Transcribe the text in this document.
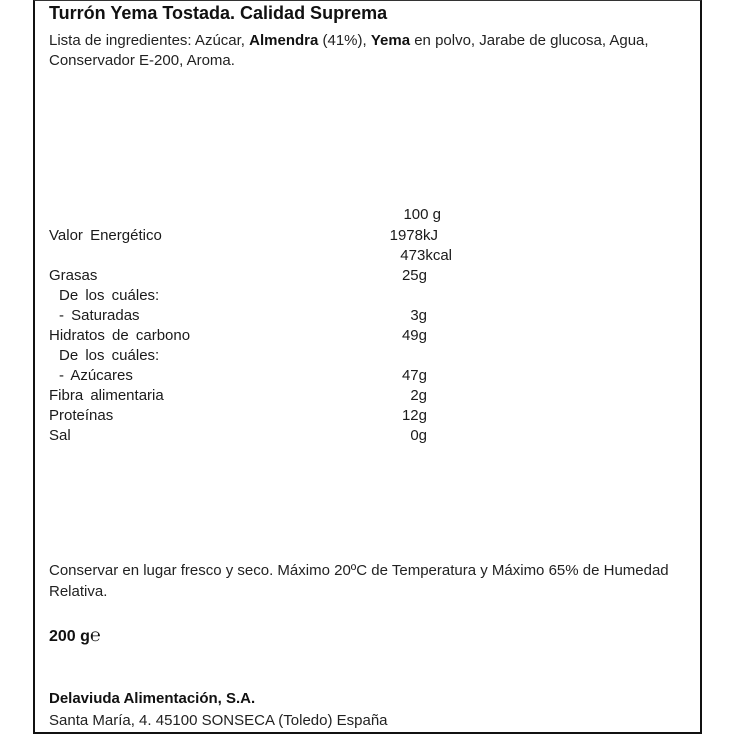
Turrón Yema Tostada. Calidad Suprema
Lista de ingredientes: Azúcar, Almendra (41%), Yema en polvo, Jarabe de glucosa, Agua, Conservador E-200, Aroma.
100 g
Valor Energético	1978kJ
473kcal
Grasas	25g
De los cuáles:
- Saturadas	3g
Hidratos de carbono	49g
De los cuáles:
- Azúcares	47g
Fibra alimentaria	2g
Proteínas	12g
Sal	0g
Conservar en lugar fresco y seco. Máximo 20ºC de Temperatura y Máximo 65% de Humedad Relativa.
200 g℮
Delaviuda Alimentación, S.A.
Santa María, 4. 45100 SONSECA (Toledo) España
